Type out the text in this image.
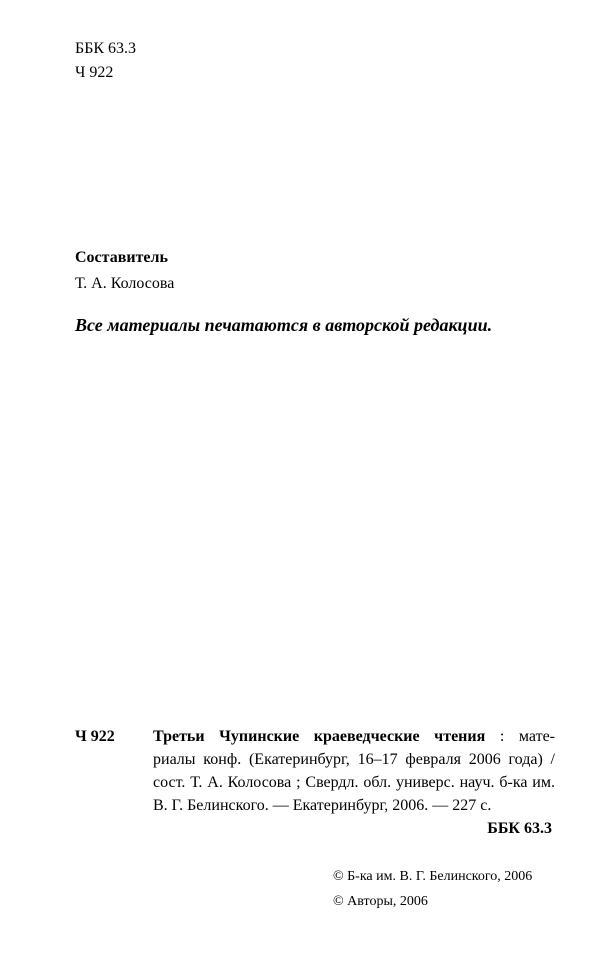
ББК 63.3
Ч 922
Составитель
Т. А. Колосова
Все материалы печатаются в авторской редакции.
Ч 922 Третьи Чупинские краеведческие чтения : мате-
риалы конф. (Екатеринбург, 16–17 февраля 2006 года) /
сост. Т. А. Колосова ; Свердл. обл. универс. науч. б-ка им.
В. Г. Белинского. –– Екатеринбург, 2006. — 227 с.
ББК 63.3
© Б-ка им. В. Г. Белинского, 2006
© Авторы, 2006
